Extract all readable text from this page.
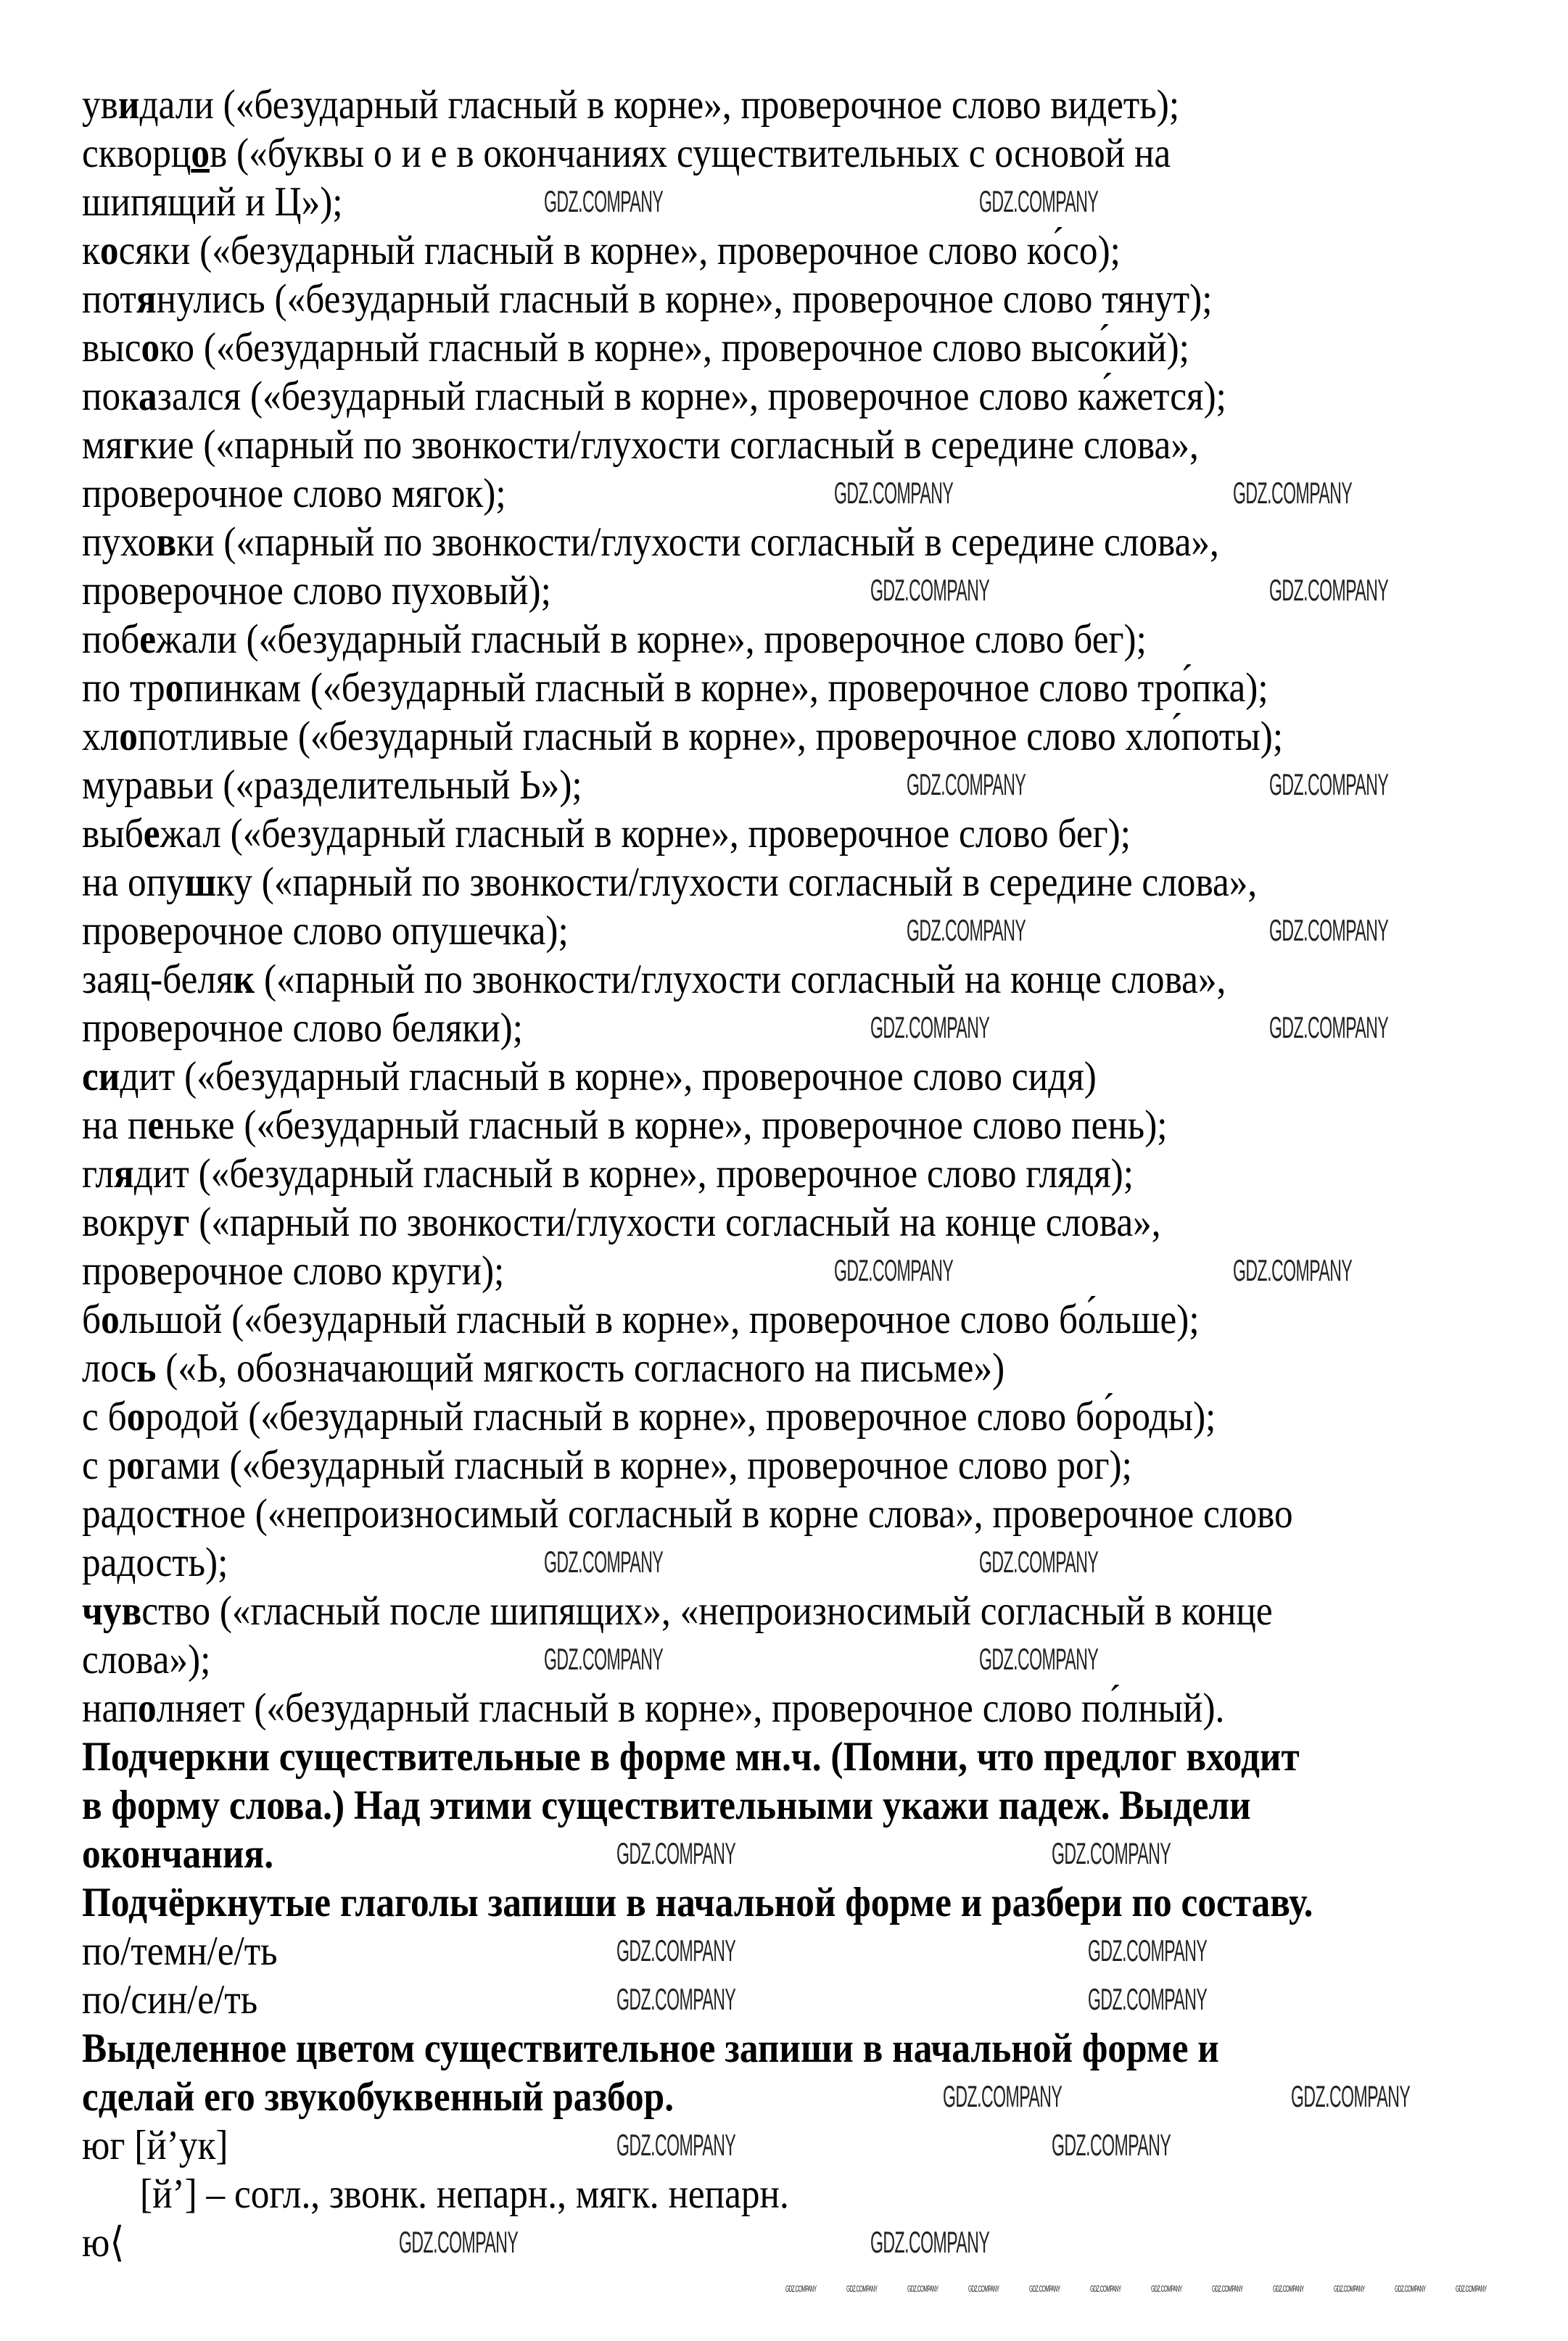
увидали («безударный гласный в корне», проверочное слово видеть);
скворцов («буквы о и е в окончаниях существительных с основой на
шипящий и Ц»);
косяки («безударный гласный в корне», проверочное слово ко́со);
потянулись («безударный гласный в корне», проверочное слово тянут);
высоко («безударный гласный в корне», проверочное слово высо́кий);
показался («безударный гласный в корне», проверочное слово ка́жется);
мягкие («парный по звонкости/глухости согласный в середине слова»,
проверочное слово мягок);
пуховки («парный по звонкости/глухости согласный в середине слова»,
проверочное слово пуховый);
побежали («безударный гласный в корне», проверочное слово бег);
по тропинкам («безударный гласный в корне», проверочное слово тро́пка);
хлопотливые («безударный гласный в корне», проверочное слово хло́поты);
муравьи («разделительный Ь»);
выбежал («безударный гласный в корне», проверочное слово бег);
на опушку («парный по звонкости/глухости согласный в середине слова»,
проверочное слово опушечка);
заяц-беляк («парный по звонкости/глухости согласный на конце слова»,
проверочное слово беляки);
сидит («безударный гласный в корне», проверочное слово сидя)
на пеньке («безударный гласный в корне», проверочное слово пень);
глядит («безударный гласный в корне», проверочное слово глядя);
вокруг («парный по звонкости/глухости согласный на конце слова»,
проверочное слово круги);
большой («безударный гласный в корне», проверочное слово бо́льше);
лось («Ь, обозначающий мягкость согласного на письме»)
с бородой («безударный гласный в корне», проверочное слово бо́роды);
с рогами («безударный гласный в корне», проверочное слово рог);
радостное («непроизносимый согласный в корне слова», проверочное слово
радость);
чувство («гласный после шипящих», «непроизносимый согласный в конце
слова»);
наполняет («безударный гласный в корне», проверочное слово по́лный).
Подчеркни существительные в форме мн.ч. (Помни, что предлог входит
в форму слова.) Над этими существительными укажи падеж. Выдели
окончания.
Подчёркнутые глаголы запиши в начальной форме и разбери по составу.
по/темн/е/ть
по/син/е/ть
Выделенное цветом существительное запиши в начальной форме и
сделай его звукобуквенный разбор.
юг [й’ук]
[й’] – согл., звонк. непарн., мягк. непарн.
ю⟨
GDZ.COMPANY	GDZ.COMPANY
GDZ.COMPANY	GDZ.COMPANY
GDZ.COMPANY	GDZ.COMPANY
GDZ.COMPANY	GDZ.COMPANY
GDZ.COMPANY	GDZ.COMPANY
GDZ.COMPANY	GDZ.COMPANY
GDZ.COMPANY	GDZ.COMPANY
GDZ.COMPANY	GDZ.COMPANY
GDZ.COMPANY	GDZ.COMPANY
GDZ.COMPANY	GDZ.COMPANY
GDZ.COMPANY	GDZ.COMPANY
GDZ.COMPANY	GDZ.COMPANY
GDZ.COMPANY	GDZ.COMPANY
GDZ.COMPANY	GDZ.COMPANY
GDZ.COMPANY	GDZ.COMPANY
GDZ.COMPANY	GDZ.COMPANY	GDZ.COMPANY	GDZ.COMPANY	GDZ.COMPANY	GDZ.COMPANY	GDZ.COMPANY	GDZ.COMPANY	GDZ.COMPANY	GDZ.COMPANY	GDZ.COMPANY	GDZ.COMPANY
